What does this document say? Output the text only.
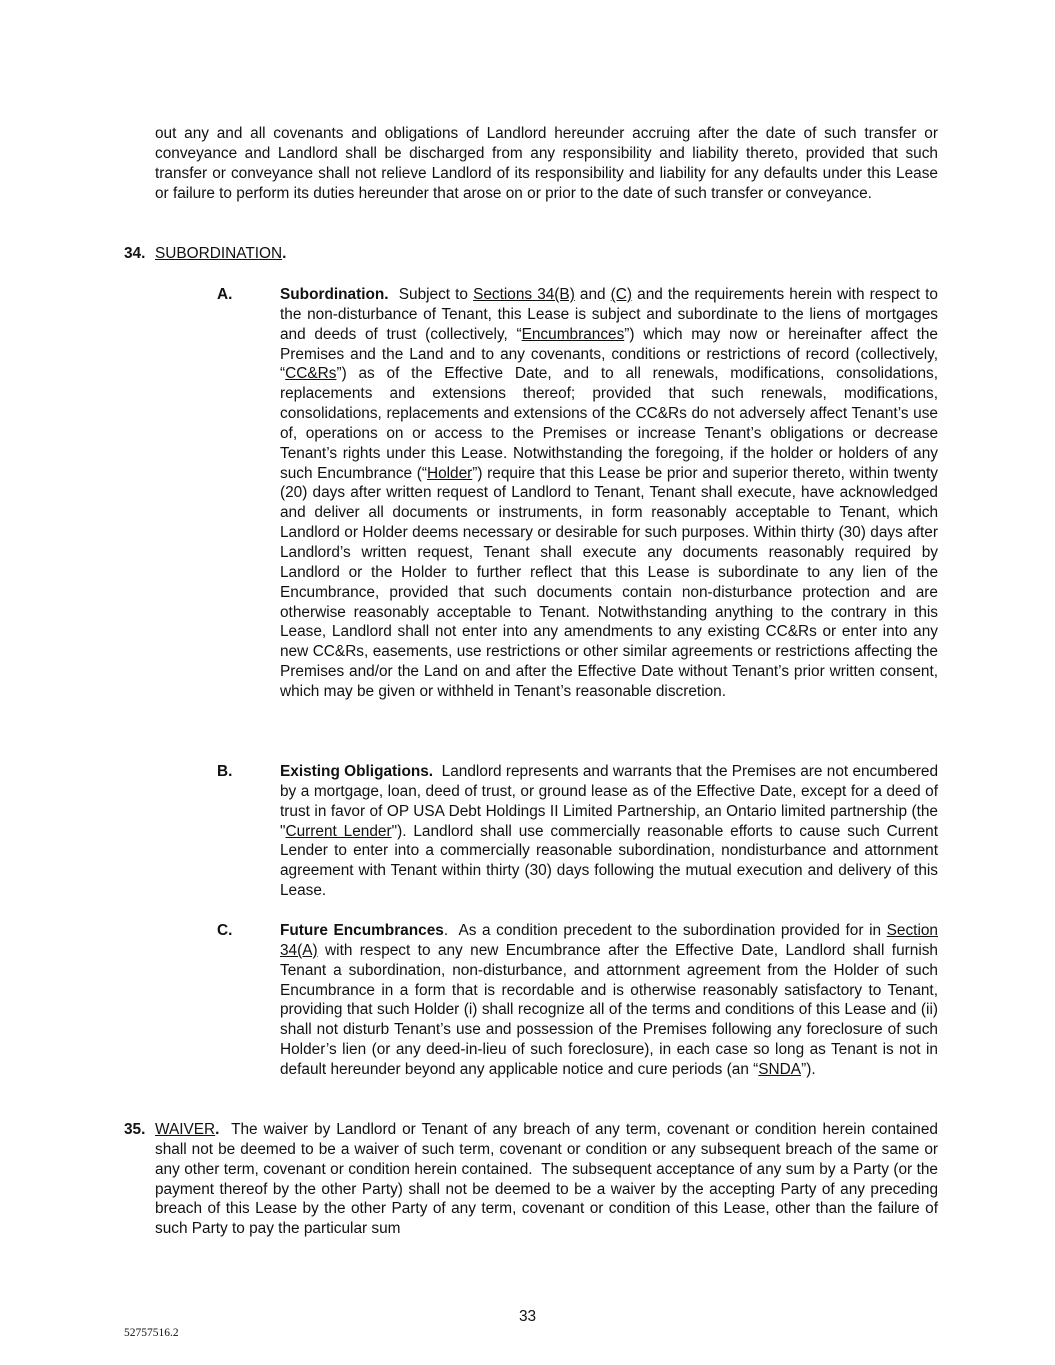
out any and all covenants and obligations of Landlord hereunder accruing after the date of such transfer or conveyance and Landlord shall be discharged from any responsibility and liability thereto, provided that such transfer or conveyance shall not relieve Landlord of its responsibility and liability for any defaults under this Lease or failure to perform its duties hereunder that arose on or prior to the date of such transfer or conveyance.

34. SUBORDINATION.
A.	Subordination.  Subject to Sections 34(B) and (C) and the requirements herein with respect to the non-disturbance of Tenant, this Lease is subject and subordinate to the liens of mortgages and deeds of trust (collectively, “Encumbrances”) which may now or hereinafter affect the Premises and the Land and to any covenants, conditions or restrictions of record (collectively, “CC&Rs”) as of the Effective Date, and to all renewals, modifications, consolidations, replacements and extensions thereof; provided that such renewals, modifications, consolidations, replacements and extensions of the CC&Rs do not adversely affect Tenant’s use of, operations on or access to the Premises or increase Tenant’s obligations or decrease Tenant’s rights under this Lease. Notwithstanding the foregoing, if the holder or holders of any such Encumbrance (“Holder”) require that this Lease be prior and superior thereto, within twenty (20) days after written request of Landlord to Tenant, Tenant shall execute, have acknowledged and deliver all documents or instruments, in form reasonably acceptable to Tenant, which Landlord or Holder deems necessary or desirable for such purposes. Within thirty (30) days after Landlord’s written request, Tenant shall execute any documents reasonably required by Landlord or the Holder to further reflect that this Lease is subordinate to any lien of the Encumbrance, provided that such documents contain non-disturbance protection and are otherwise reasonably acceptable to Tenant. Notwithstanding anything to the contrary in this Lease, Landlord shall not enter into any amendments to any existing CC&Rs or enter into any new CC&Rs, easements, use restrictions or other similar agreements or restrictions affecting the Premises and/or the Land on and after the Effective Date without Tenant’s prior written consent, which may be given or withheld in Tenant’s reasonable discretion.

B.	Existing Obligations.  Landlord represents and warrants that the Premises are not encumbered by a mortgage, loan, deed of trust, or ground lease as of the Effective Date, except for a deed of trust in favor of OP USA Debt Holdings II Limited Partnership, an Ontario limited partnership (the "Current Lender"). Landlord shall use commercially reasonable efforts to cause such Current Lender to enter into a commercially reasonable subordination, nondisturbance and attornment agreement with Tenant within thirty (30) days following the mutual execution and delivery of this Lease.

C.	Future Encumbrances.  As a condition precedent to the subordination provided for in Section 34(A) with respect to any new Encumbrance after the Effective Date, Landlord shall furnish Tenant a subordination, non-disturbance, and attornment agreement from the Holder of such Encumbrance in a form that is recordable and is otherwise reasonably satisfactory to Tenant, providing that such Holder (i) shall recognize all of the terms and conditions of this Lease and (ii) shall not disturb Tenant’s use and possession of the Premises following any foreclosure of such Holder’s lien (or any deed-in-lieu of such foreclosure), in each case so long as Tenant is not in default hereunder beyond any applicable notice and cure periods (an “SNDA”).

35. WAIVER.  The waiver by Landlord or Tenant of any breach of any term, covenant or condition herein contained shall not be deemed to be a waiver of such term, covenant or condition or any subsequent breach of the same or any other term, covenant or condition herein contained.  The subsequent acceptance of any sum by a Party (or the payment thereof by the other Party) shall not be deemed to be a waiver by the accepting Party of any preceding breach of this Lease by the other Party of any term, covenant or condition of this Lease, other than the failure of such Party to pay the particular sum

33
52757516.2
